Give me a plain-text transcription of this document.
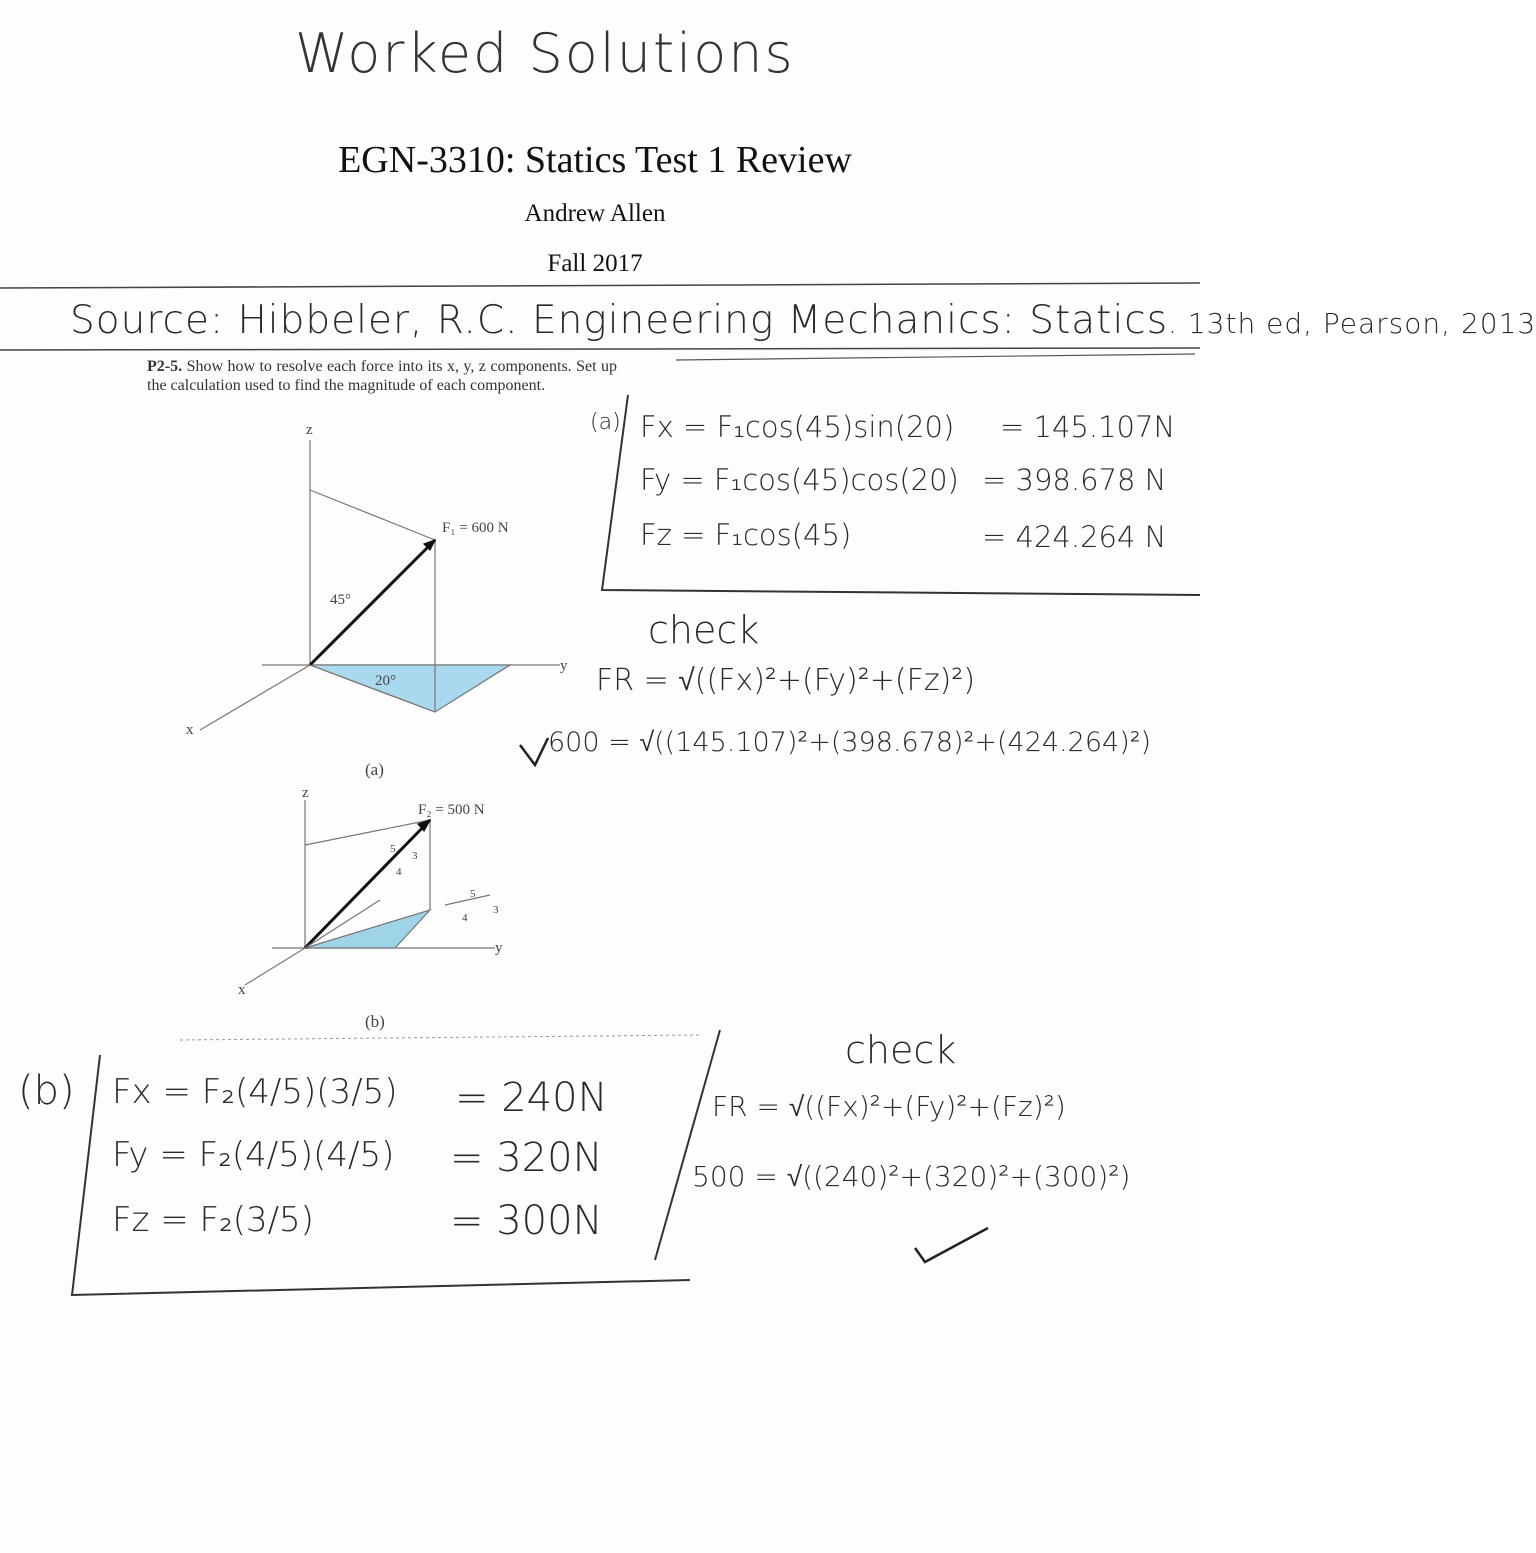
Worked Solutions
EGN-3310: Statics Test 1 Review
Andrew Allen
Fall 2017
Source: Hibbeler, R.C. Engineering Mechanics: Statics. 13th ed, Pearson, 2013
P2-5. Show how to resolve each force into its x, y, z components. Set up the calculation used to find the magnitude of each component.
z
F₁ = 600 N
45°
20°
y
x
(a)
z
F₂ = 500 N
5
3
4
5
3
4
y
x
(b)
(a) Fx = F₁cos(45)sin(20) = 145.107N
Fy = F₁cos(45)cos(20) = 398.678 N
Fz = F₁cos(45)	= 424.264 N
check
FR = √((Fx)²+(Fy)²+(Fz)²)
600 = √((145.107)²+(398.678)²+(424.264)²)
(b) Fx = F₂(4/5)(3/5) = 240N
Fy = F₂(4/5)(4/5) = 320N
Fz = F₂(3/5)	= 300N
check
FR = √((Fx)²+(Fy)²+(Fz)²)
500 = √((240)²+(320)²+(300)²)
